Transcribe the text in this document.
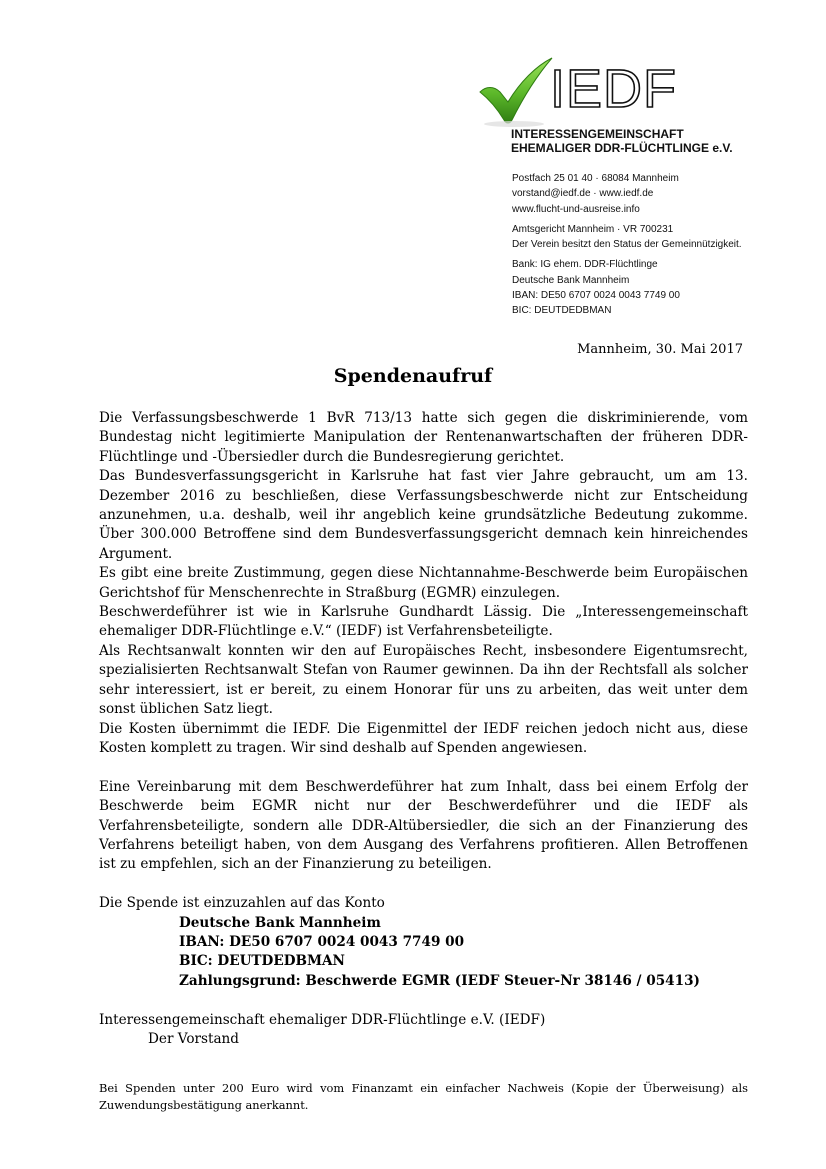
IEDF
INTERESSENGEMEINSCHAFT
EHEMALIGER DDR-FLÜCHTLINGE e.V.
Postfach 25 01 40 · 68084 Mannheim
vorstand@iedf.de · www.iedf.de
www.flucht-und-ausreise.info
Amtsgericht Mannheim · VR 700231
Der Verein besitzt den Status der Gemeinnützigkeit.
Bank: IG ehem. DDR-Flüchtlinge
Deutsche Bank Mannheim
IBAN: DE50 6707 0024 0043 7749 00
BIC: DEUTDEDBMAN
Mannheim, 30. Mai 2017
Spendenaufruf

Die Verfassungsbeschwerde 1 BvR 713/13 hatte sich gegen die diskriminierende, vom Bundestag nicht legitimierte Manipulation der Rentenanwartschaften der früheren DDR-Flüchtlinge und -Übersiedler durch die Bundesregierung gerichtet.

Das Bundesverfassungsgericht in Karlsruhe hat fast vier Jahre gebraucht, um am 13. Dezember 2016 zu beschließen, diese Verfassungsbeschwerde nicht zur Entscheidung anzunehmen, u.a. deshalb, weil ihr angeblich keine grundsätzliche Bedeutung zukomme. Über 300.000 Betroffene sind dem Bundesverfassungsgericht demnach kein hinreichendes Argument.

Es gibt eine breite Zustimmung, gegen diese Nichtannahme-Beschwerde beim Europäischen Gerichtshof für Menschenrechte in Straßburg (EGMR) einzulegen.

Beschwerdeführer ist wie in Karlsruhe Gundhardt Lässig. Die „Interessengemeinschaft ehemaliger DDR-Flüchtlinge e.V.“ (IEDF) ist Verfahrensbeteiligte.

Als Rechtsanwalt konnten wir den auf Europäisches Recht, insbesondere Eigentumsrecht, spezialisierten Rechtsanwalt Stefan von Raumer gewinnen. Da ihn der Rechtsfall als solcher sehr interessiert, ist er bereit, zu einem Honorar für uns zu arbeiten, das weit unter dem sonst üblichen Satz liegt.

Die Kosten übernimmt die IEDF. Die Eigenmittel der IEDF reichen jedoch nicht aus, diese Kosten komplett zu tragen. Wir sind deshalb auf Spenden angewiesen.

Eine Vereinbarung mit dem Beschwerdeführer hat zum Inhalt, dass bei einem Erfolg der Beschwerde beim EGMR nicht nur der Beschwerdeführer und die IEDF als Verfahrensbeteiligte, sondern alle DDR-Altübersiedler, die sich an der Finanzierung des Verfahrens beteiligt haben, von dem Ausgang des Verfahrens profitieren. Allen Betroffenen ist zu empfehlen, sich an der Finanzierung zu beteiligen.

Die Spende ist einzuzahlen auf das Konto

Deutsche Bank Mannheim
IBAN: DE50 6707 0024 0043 7749 00
BIC: DEUTDEDBMAN
Zahlungsgrund: Beschwerde EGMR (IEDF Steuer-Nr 38146 / 05413)

Interessengemeinschaft ehemaliger DDR-Flüchtlinge e.V. (IEDF)

Der Vorstand

Bei Spenden unter 200 Euro wird vom Finanzamt ein einfacher Nachweis (Kopie der Überweisung) als Zuwendungsbestätigung anerkannt.
